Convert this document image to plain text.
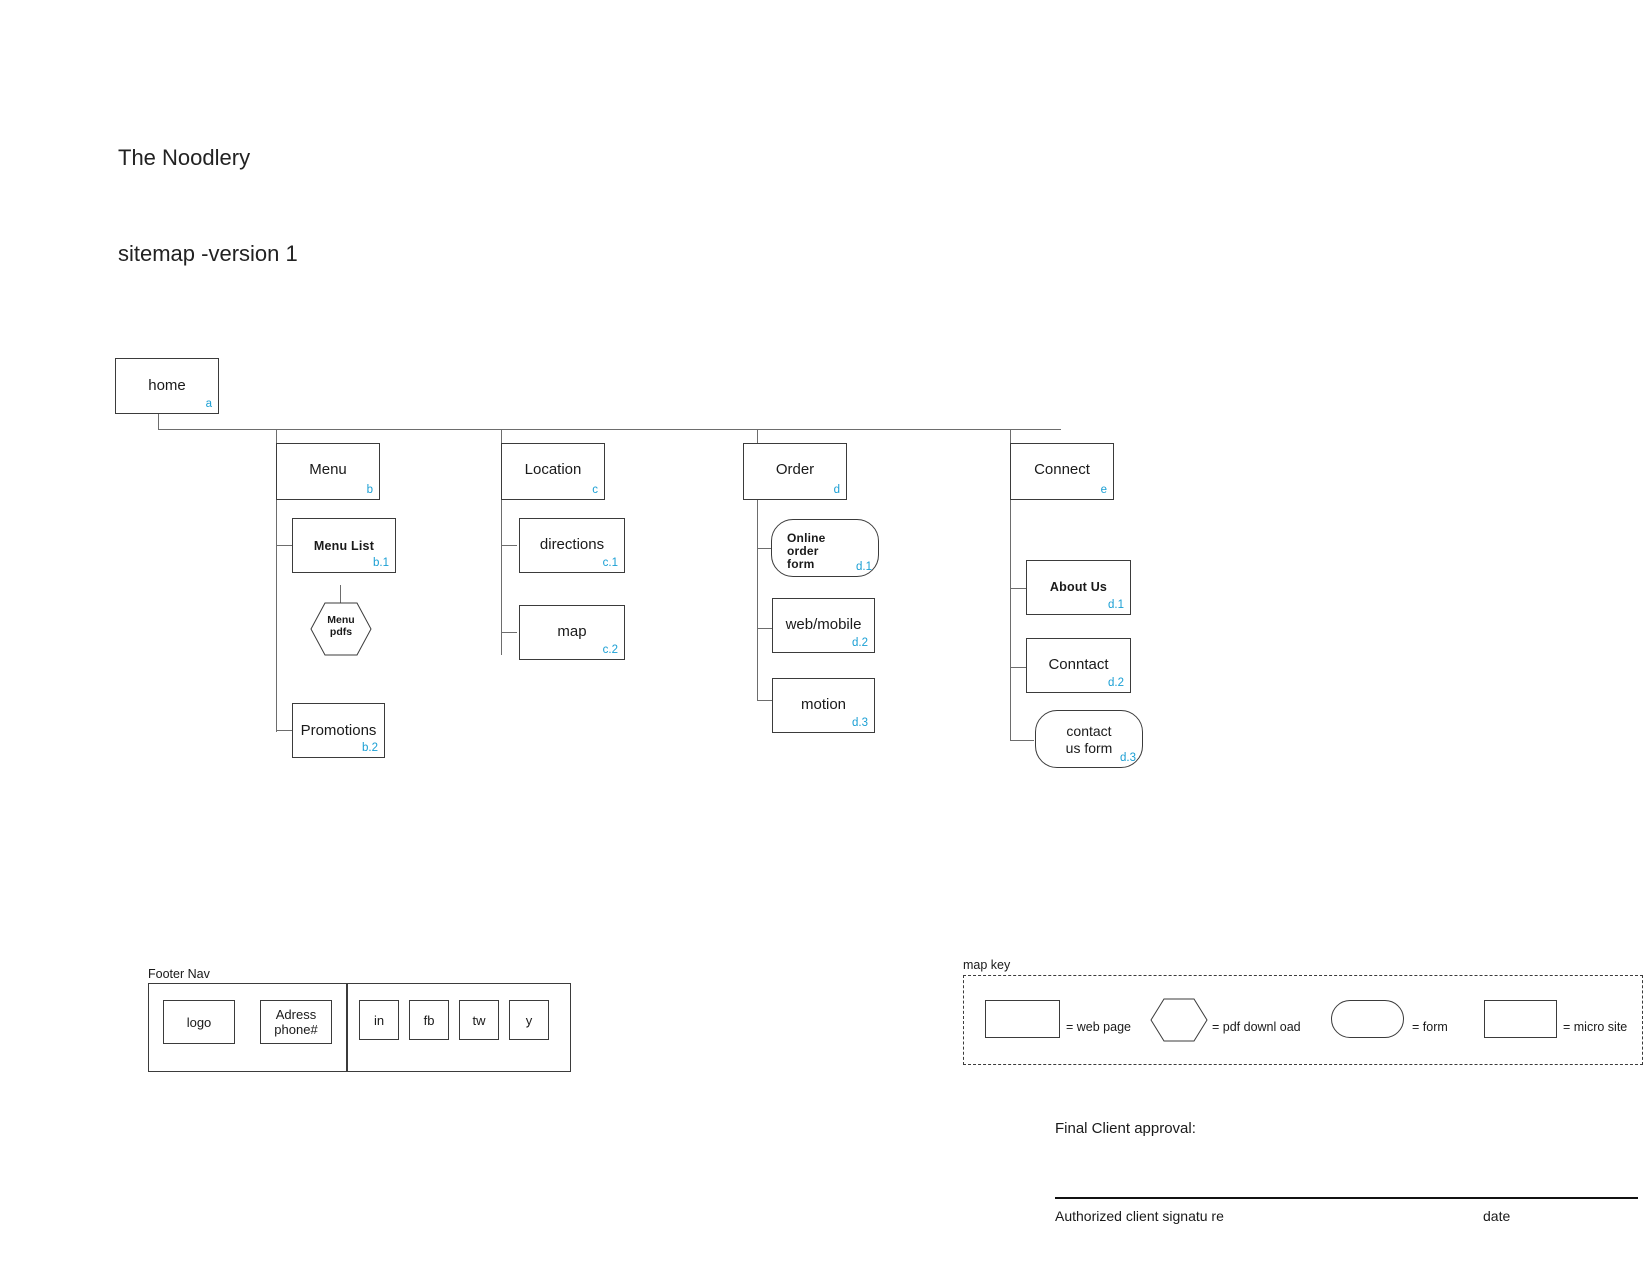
The Noodlery

sitemap -version 1

home
a
Menu
b
Menu List
b.1
Menu
pdfs
Promotions
b.2
Location
c
directions
c.1
map
c.2
Order
d
Online
order
form	d.1
web/mobile
d.2
motion
d.3
Connect
e
About Us
d.1
Conntact
d.2
contact
us form
d.3
Footer Nav
logo	Adress
phone#
in	fb	tw	y
map key
= web page	= pdf downl oad	= form	= micro site
Final Client approval:
Authorized client signatu re	date
